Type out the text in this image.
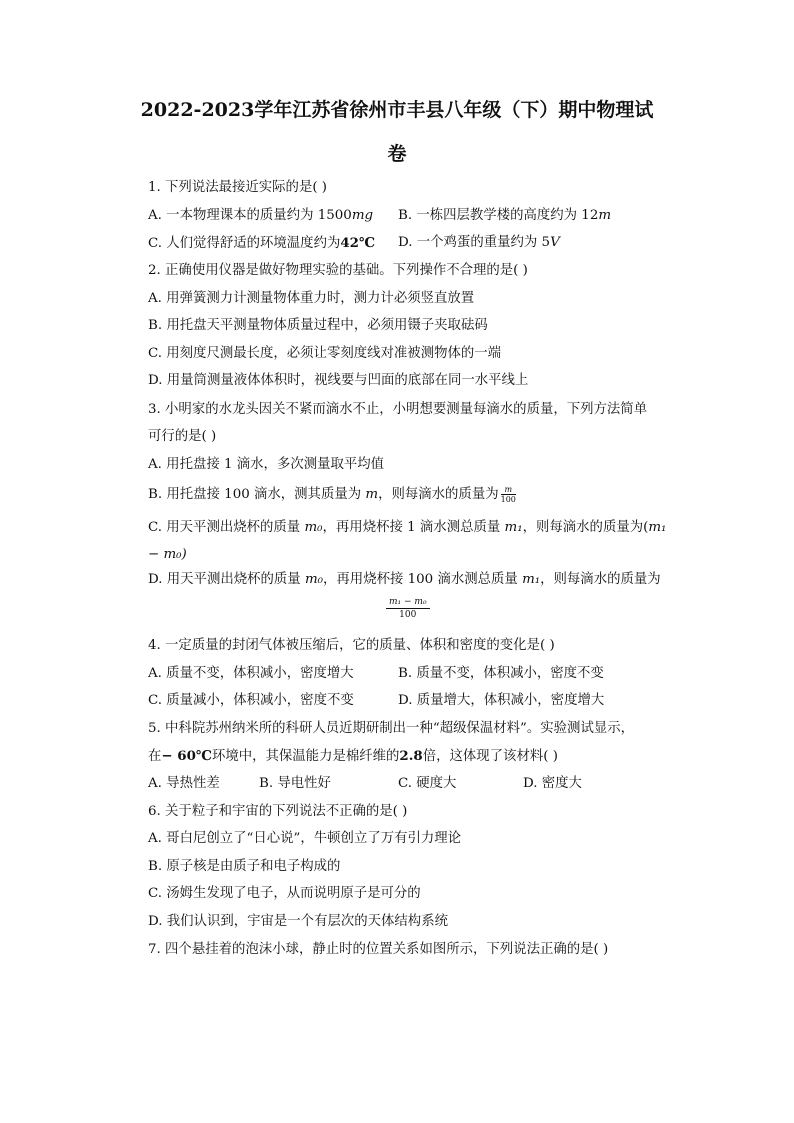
2022-2023学年江苏省徐州市丰县八年级（下）期中物理试
卷
1. 下列说法最接近实际的是( )
A. 一本物理课本的质量约为 1500mg B. 一栋四层教学楼的高度约为 12m
C. 人们觉得舒适的环境温度约为42℃ D. 一个鸡蛋的重量约为 5V
2. 正确使用仪器是做好物理实验的基础。下列操作不合理的是( )
A. 用弹簧测力计测量物体重力时，测力计必须竖直放置
B. 用托盘天平测量物体质量过程中，必须用镊子夹取砝码
C. 用刻度尺测最长度，必须让零刻度线对准被测物体的一端
D. 用量筒测量液体体积时，视线要与凹面的底部在同一水平线上
3. 小明家的水龙头因关不紧而滴水不止，小明想要测量每滴水的质量，下列方法简单
可行的是( )
A. 用托盘接 1 滴水，多次测量取平均值
B. 用托盘接 100 滴水，测其质量为 m，则每滴水的质量为 $\frac{m}{100}$
C. 用天平测出烧杯的质量 m₀，再用烧杯接 1 滴水测总质量 m₁，则每滴水的质量为(m₁
− m₀)
D. 用天平测出烧杯的质量 m₀，再用烧杯接 100 滴水测总质量 m₁，则每滴水的质量为
$\frac{\text{m₁ − m₀}}{100}$
4. 一定质量的封闭气体被压缩后，它的质量、体积和密度的变化是( )
A. 质量不变，体积减小，密度增大	B. 质量不变，体积减小，密度不变
C. 质量减小，体积减小，密度不变	D. 质量增大，体积减小，密度增大
5. 中科院苏州纳米所的科研人员近期研制出一种“超级保温材料”。实验测试显示，
在− 60℃环境中，其保温能力是棉纤维的2.8倍，这体现了该材料( )
A. 导热性差	B. 导电性好	C. 硬度大	D. 密度大
6. 关于粒子和宇宙的下列说法不正确的是( )
A. 哥白尼创立了“日心说”，牛顿创立了万有引力理论
B. 原子核是由质子和电子构成的
C. 汤姆生发现了电子，从而说明原子是可分的
D. 我们认识到，宇宙是一个有层次的天体结构系统
7. 四个悬挂着的泡沫小球，静止时的位置关系如图所示，下列说法正确的是( )
